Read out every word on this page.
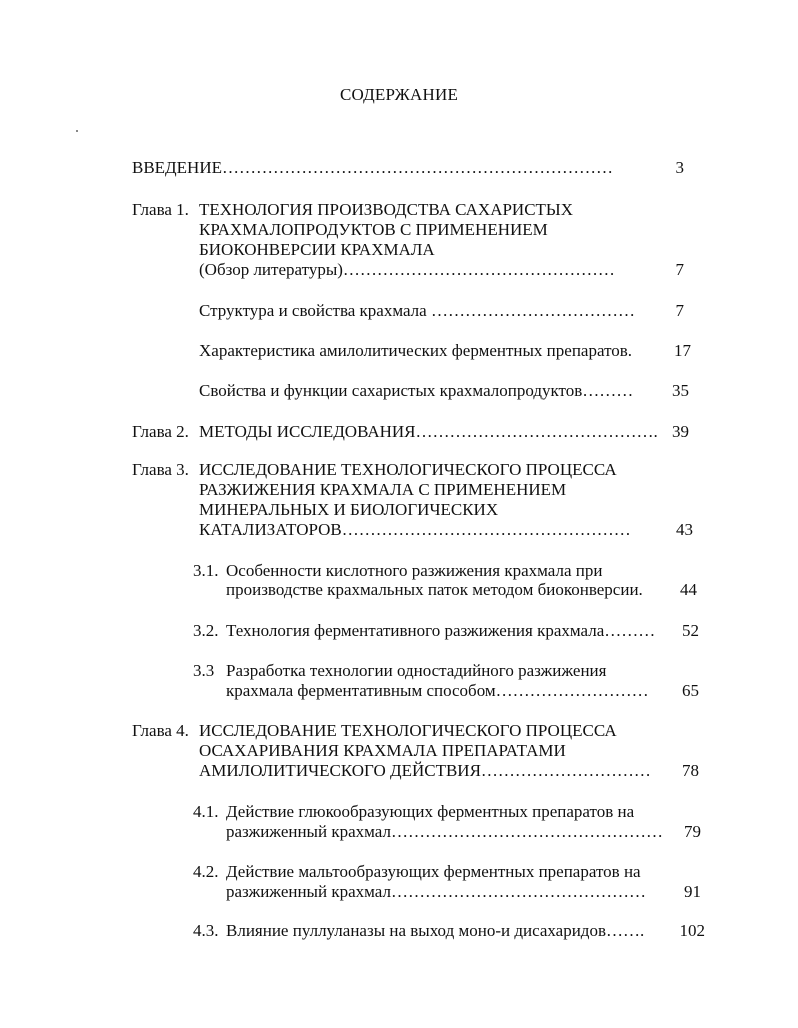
СОДЕРЖАНИЕ
ВВЕДЕНИЕ……………………………………………………………	3
Глава 1. ТЕХНОЛОГИЯ ПРОИЗВОДСТВА САХАРИСТЫХ
КРАХМАЛОПРОДУКТОВ С ПРИМЕНЕНИЕМ
БИОКОНВЕРСИИ КРАХМАЛА
(Обзор литературы)…………………………………………	7
Структура и свойства крахмала ………………………………	7
Характеристика амилолитических ферментных препаратов.	17
Свойства и функции сахаристых крахмалопродуктов………	35
Глава 2. МЕТОДЫ ИССЛЕДОВАНИЯ……………………………………. 39
Глава 3. ИССЛЕДОВАНИЕ ТЕХНОЛОГИЧЕСКОГО ПРОЦЕССА
РАЗЖИЖЕНИЯ КРАХМАЛА С ПРИМЕНЕНИЕМ
МИНЕРАЛЬНЫХ И БИОЛОГИЧЕСКИХ
КАТАЛИЗАТОРОВ……………………………………………	43
3.1. Особенности кислотного разжижения крахмала при
производстве крахмальных паток методом биоконверсии.	44
3.2. Технология ферментативного разжижения крахмала………	52
3.3 Разработка технологии одностадийного разжижения
крахмала ферментативным способом………………………	65
Глава 4. ИССЛЕДОВАНИЕ ТЕХНОЛОГИЧЕСКОГО ПРОЦЕССА
ОСАХАРИВАНИЯ КРАХМАЛА ПРЕПАРАТАМИ
АМИЛОЛИТИЧЕСКОГО ДЕЙСТВИЯ…………………………	78
4.1. Действие глюкообразующих ферментных препаратов на
разжиженный крахмал…………………………………………	79
4.2. Действие мальтообразующих ферментных препаратов на
разжиженный крахмал………………………………………	91
4.3. Влияние пуллуланазы на выход моно-и дисахаридов…….	102
